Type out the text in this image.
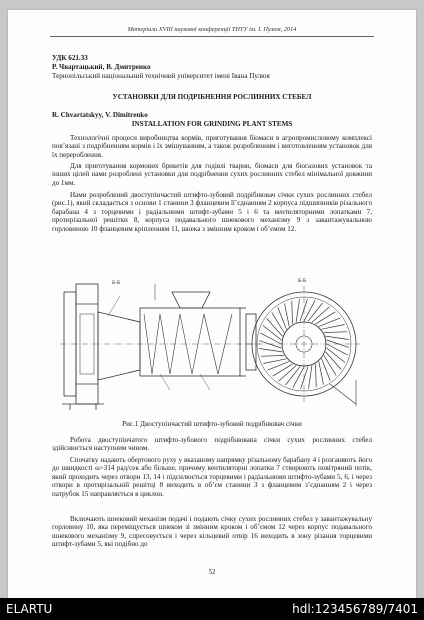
Матеріали XVIII наукової конференції ТНТУ ім. І. Пулюя, 2014

УДК 621.33

Р. Чвартацький, В. Дмитренко

Тернопільський національний технічний університет імені Івана Пулюя

УСТАНОВКИ ДЛЯ ПОДРІБНЕННЯ РОСЛИННИХ СТЕБЕЛ

R. Chvartatskyy, V. Dimitrenko

INSTALLATION FOR GRINDING PLANT STEMS

Технологічні процеси виробництва кормів, приготування біомаси в агропромисловому комплексі пов’язані з подрібненням кормів і їх змішуванням, а також розробленням і виготовленням установок для їх перероблення.

Для приготування кормових брикетів для годівлі тварин, біомаси для біогазових установок та інших цілей нами розроблені установки для подрібнення сухих рослинних стебел мінімальної довжини до 1мм.

Нами розроблений двоступінчастий штифто-зубовий подрібнювач січки сухих рослинних стебел (рис.1), який складається з основи 1 станини 3 фланцевим її’єднанням 2 корпуса підшипників різального барабана 4 з торцевими і радіальними штифт-зубами 5 і 6 та вентиляторними лопатками 7, протирізальної решітки 8, корпуса подавального шнекового механізму 9 з завантажувальною горловиною 10 фланцевим кріпленням 11, шнека з змінним кроком і об’ємом 12.

Б-Б	Б-Б
Рис.1 Двоступінчастий штифто-зубовий подрібнювач січки

Робота двоступінчатого штифто-зубового подрібнювана січки сухих рослинних стебел здійснюється наступним чином.

Спочатку надають обертового руху у вказаному напрямку різальному барабану 4 і розганяють його до швидкості ω>314 рад/сек або більше, причому вентиляторні лопатки 7 створюють повітряний потік, який проходить через отвори 13, 14 і підсилюється торцевими і радіальними штифто-зубами 5, 6, і через отвори в протирізальній решітці 8 виходить в об’єм станини 3 з фланцевим з’єднанням 2 і через патрубок 15 направляється в циклон.

Включають шнековий механізм подачі і подають січку сухих рослинних стебел у завантажувальну горловину 10, яка переміщується шнеком зі змінним кроком і об’ємом 12 через корпус подавального шнекового механізму 9, спресовується і через кільцевий отвір 16 виходить в зону різання торцевими штифт-зубами 5, які подібно до

52
ELARTU	hdl:123456789/7401
